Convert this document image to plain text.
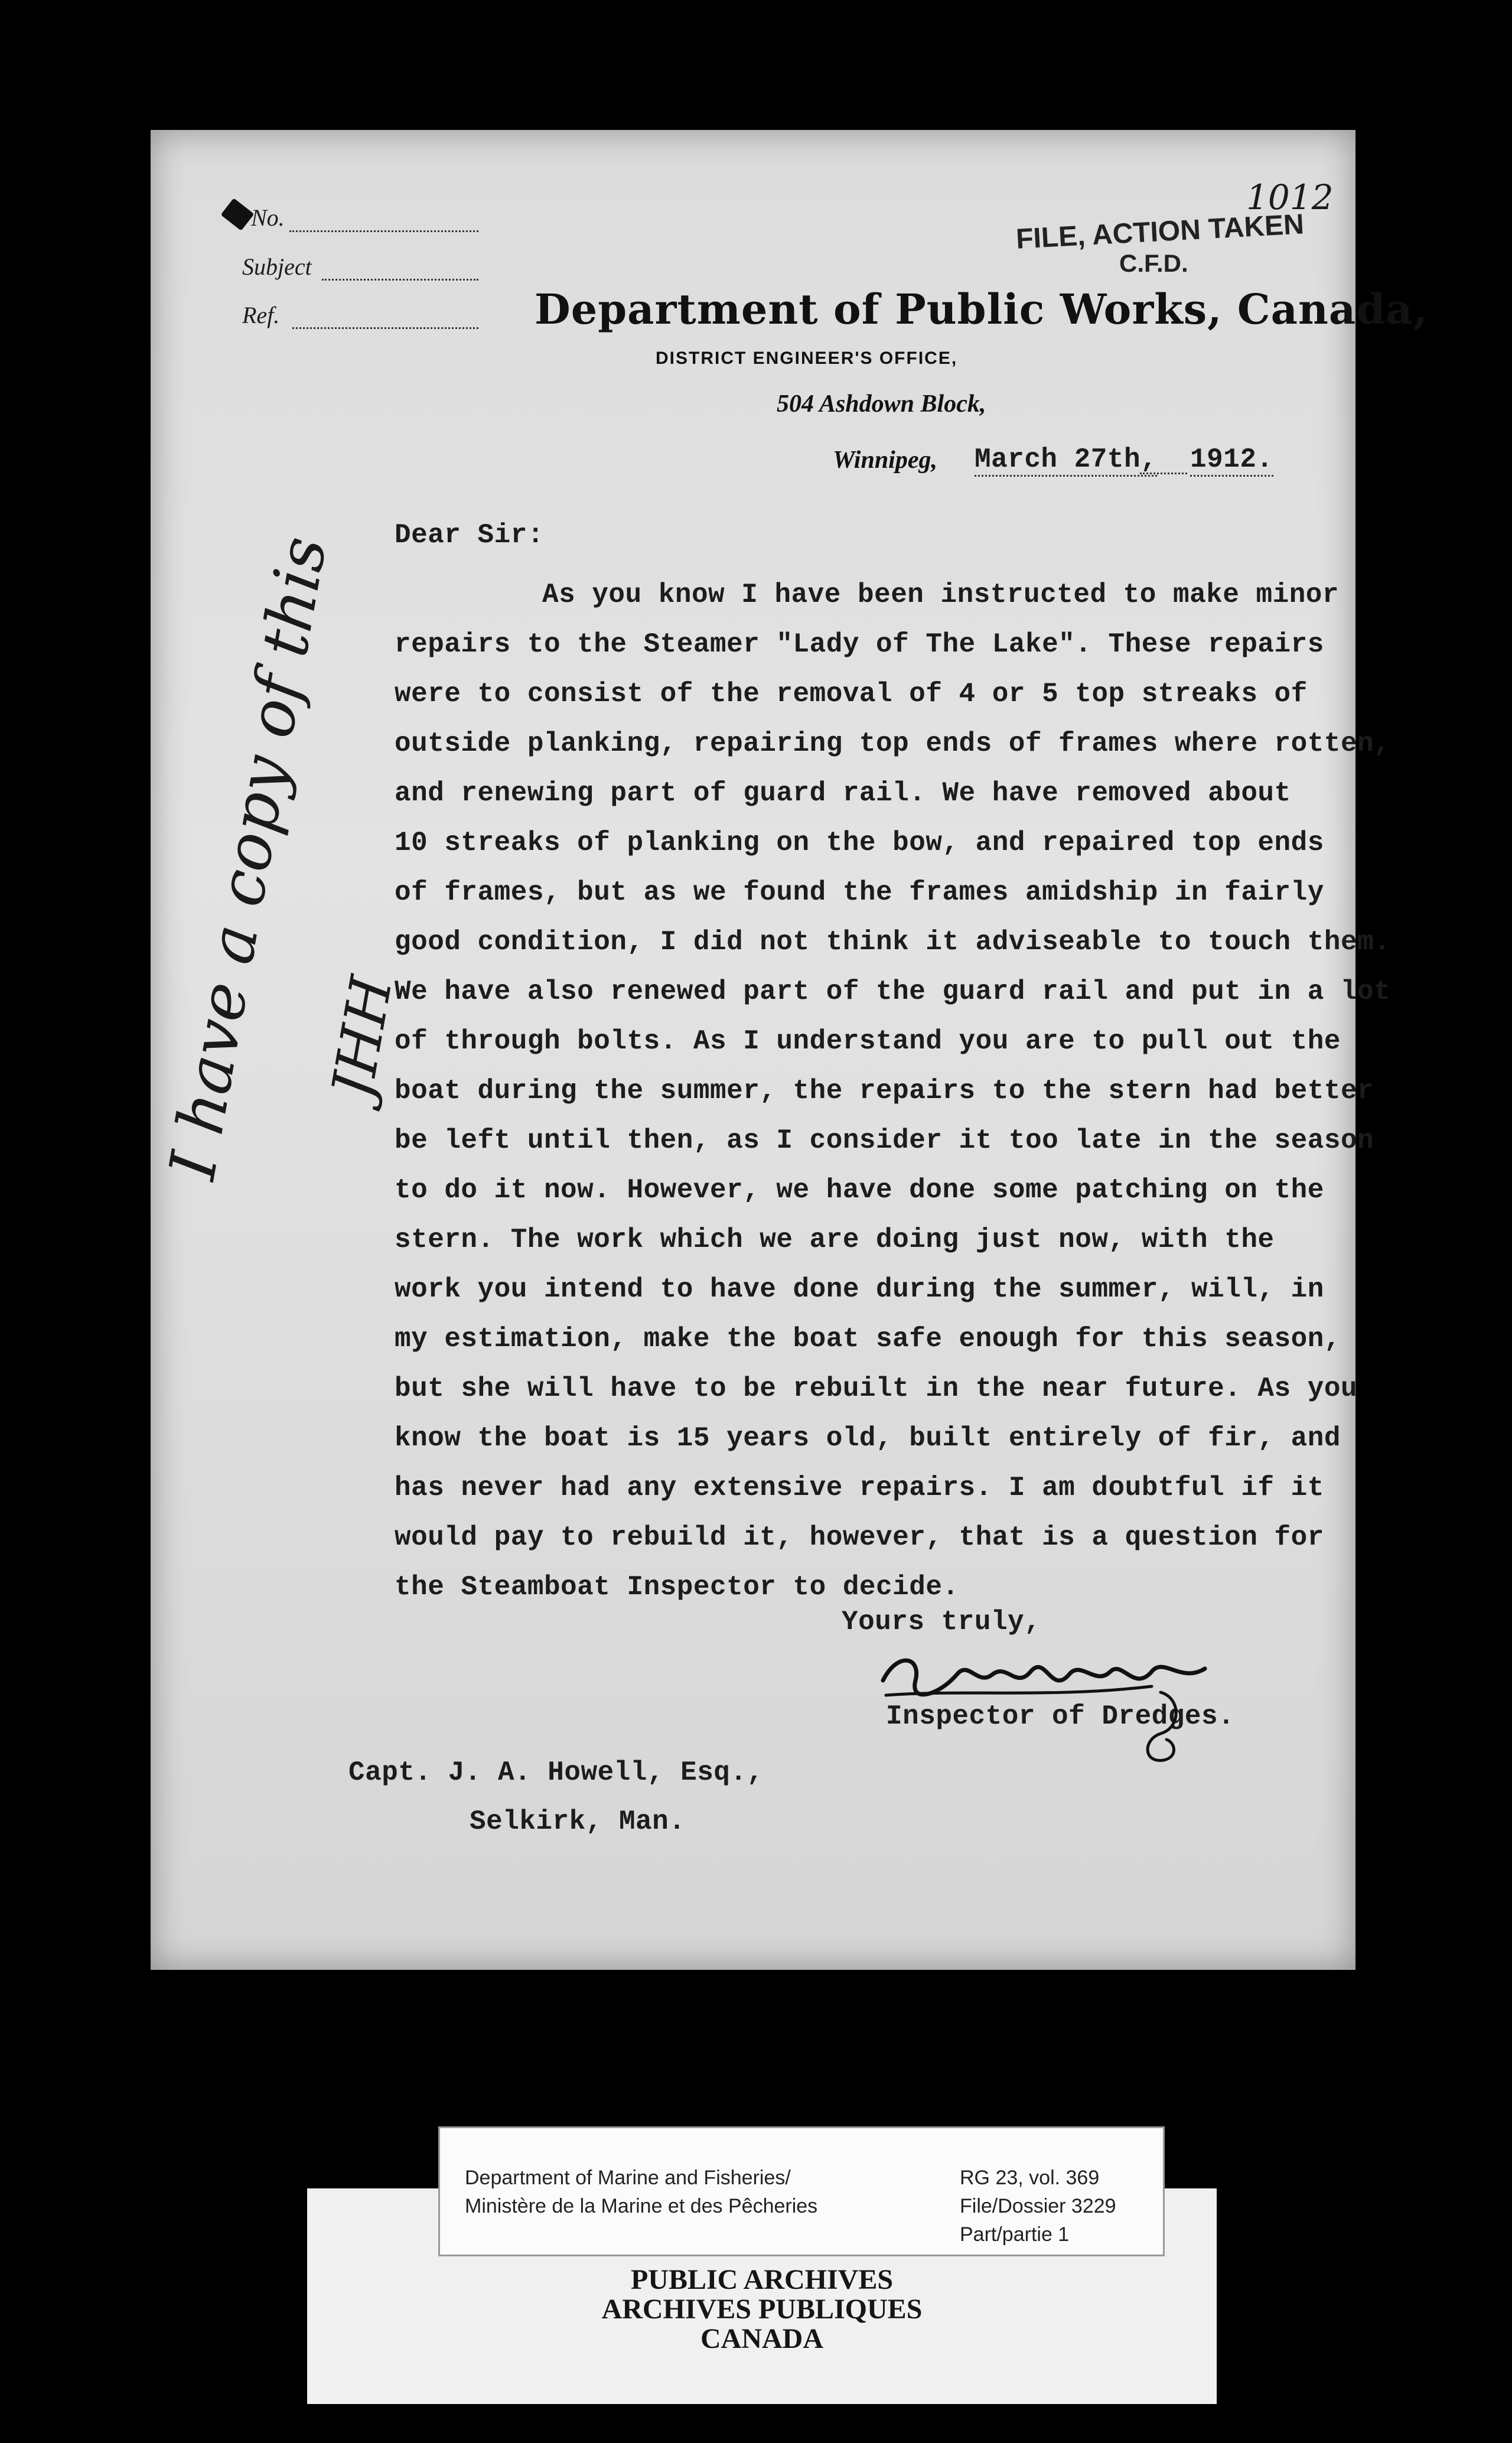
No.
Subject
Ref.
FILE, ACTION TAKEN
C.F.D.
1012
Department of Public Works, Canada,
DISTRICT ENGINEER'S OFFICE,
504 Ashdown Block,
Winnipeg, March 27th, 1912.
Dear Sir:
As you know I have been instructed to make minor
repairs to the Steamer "Lady of The Lake". These repairs
were to consist of the removal of 4 or 5 top streaks of
outside planking, repairing top ends of frames where rotten,
and renewing part of guard rail. We have removed about
10 streaks of planking on the bow, and repaired top ends
of frames, but as we found the frames amidship in fairly
good condition, I did not think it adviseable to touch them.
We have also renewed part of the guard rail and put in a lot
of through bolts. As I understand you are to pull out the
boat during the summer, the repairs to the stern had better
be left until then, as I consider it too late in the season
to do it now. However, we have done some patching on the
stern. The work which we are doing just now, with the
work you intend to have done during the summer, will, in
my estimation, make the boat safe enough for this season,
but she will have to be rebuilt in the near future. As you
know the boat is 15 years old, built entirely of fir, and
has never had any extensive repairs. I am doubtful if it
would pay to rebuild it, however, that is a question for
the Steamboat Inspector to decide.
Yours truly,
Inspector of Dredges.
Capt. J. A. Howell, Esq.,
Selkirk, Man.
I have a copy of this
JHH
Department of Marine and Fisheries/
Ministère de la Marine et des Pêcheries
RG 23, vol. 369
File/Dossier 3229
Part/partie 1
PUBLIC ARCHIVES
ARCHIVES PUBLIQUES
CANADA
